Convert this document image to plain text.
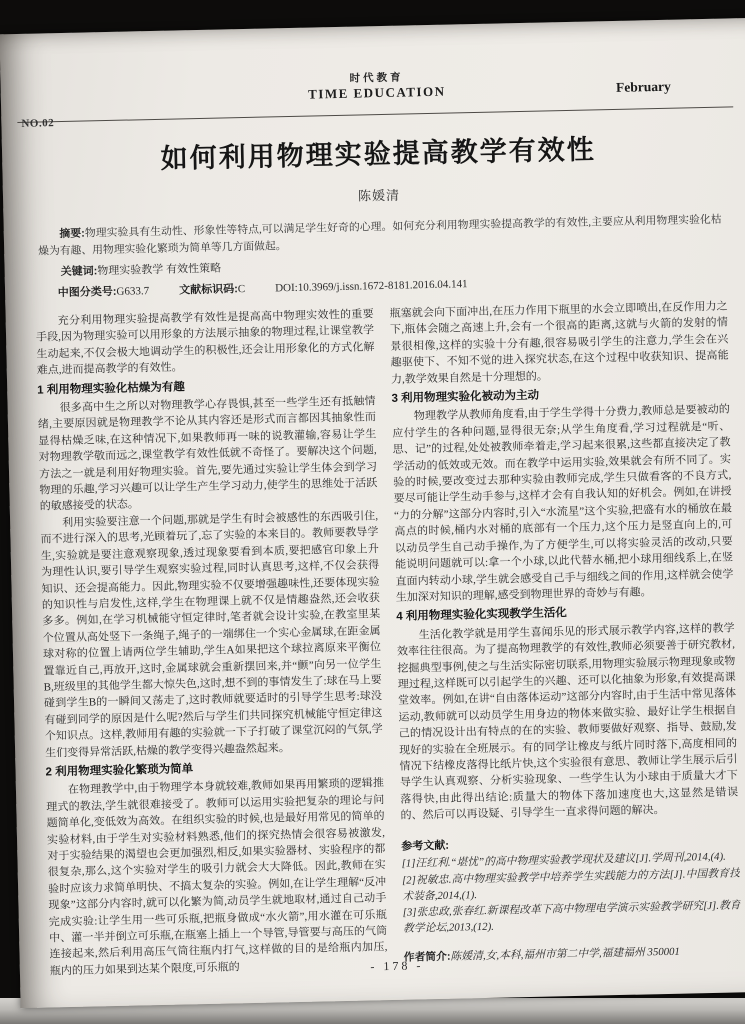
时代教育
TIME EDUCATION	February
NO.02
如何利用物理实验提高教学有效性
陈媛清

摘要:物理实验具有生动性、形象性等特点,可以满足学生好奇的心理。如何充分利用物理实验提高教学的有效性,主要应从利用物理实验化枯燥为有趣、用物理实验化繁琐为简单等几方面做起。

关键词:物理实验教学 有效性策略
中图分类号:G633.7	文献标识码:C	DOI:10.3969/j.issn.1672-8181.2016.04.141

充分利用物理实验提高教学有效性是提高高中物理实效性的重要手段,因为物理实验可以用形象的方法展示抽象的物理过程,让课堂教学生动起来,不仅会极大地调动学生的积极性,还会让用形象化的方式化解难点,进而提高教学的有效性。

1 利用物理实验化枯燥为有趣

很多高中生之所以对物理教学心存畏惧,甚至一些学生还有抵触情绪,主要原因就是物理教学不论从其内容还是形式而言都因其抽象性而显得枯燥乏味,在这种情况下,如果教师再一味的说教灌输,容易让学生对物理教学敬而远之,课堂教学有效性低就不奇怪了。要解决这个问题,方法之一就是利用好物理实验。首先,要先通过实验让学生体会到学习物理的乐趣,学习兴趣可以让学生产生学习动力,使学生的思维处于活跃的敏感接受的状态。

利用实验要注意一个问题,那就是学生有时会被感性的东西吸引住,而不进行深入的思考,光顾着玩了,忘了实验的本来目的。教师要教导学生,实验就是要注意观察现象,透过现象要看到本质,要把感官印象上升为理性认识,要引导学生观察实验过程,同时认真思考,这样,不仅会获得知识、还会提高能力。因此,物理实验不仅要增强趣味性,还要体现实验的知识性与启发性,这样,学生在物理课上就不仅是情趣盎然,还会收获多多。例如,在学习机械能守恒定律时,笔者就会设计实验,在教室里某个位置从高处竖下一条绳子,绳子的一端绑住一个实心金属球,在距金属球对称的位置上请两位学生辅助,学生A如果把这个球拉离原来平衡位置靠近自己,再放开,这时,金属球就会重新摆回来,并“颤”向另一位学生B,班级里的其他学生都大惊失色,这时,想不到的事情发生了:球在马上要碰到学生B的一瞬间又荡走了,这时教师就要适时的引导学生思考:球没有碰到同学的原因是什么呢?然后与学生们共同探究机械能守恒定律这个知识点。这样,教师用有趣的实验就一下子打破了课堂沉闷的气氛,学生们变得异常活跃,枯燥的教学变得兴趣盎然起来。

2 利用物理实验化繁琐为简单

在物理教学中,由于物理学本身就较难,教师如果再用繁琐的逻辑推理式的教法,学生就很难接受了。教师可以运用实验把复杂的理论与问题简单化,变低效为高效。在组织实验的时候,也是最好用常见的简单的实验材料,由于学生对实验材料熟悉,他们的探究热情会很容易被激发,对于实验结果的渴望也会更加强烈,相反,如果实验器材、实验程序的都很复杂,那么,这个实验对学生的吸引力就会大大降低。因此,教师在实验时应该力求简单明快、不搞太复杂的实验。例如,在让学生理解“反冲现象”这部分内容时,就可以化繁为简,动员学生就地取材,通过自己动手完成实验:让学生用一些可乐瓶,把瓶身做成“水火箭”,用水灌在可乐瓶中、灌一半并倒立可乐瓶,在瓶塞上插上一个导管,导管要与高压的气筒连接起来,然后利用高压气筒往瓶内打气,这样做的目的是给瓶内加压,瓶内的压力如果到达某个限度,可乐瓶的

瓶塞就会向下面冲出,在压力作用下瓶里的水会立即喷出,在反作用力之下,瓶体会随之高速上升,会有一个很高的距离,这就与火箭的发射的情景很相像,这样的实验十分有趣,很容易吸引学生的注意力,学生会在兴趣驱使下、不知不觉的进入探究状态,在这个过程中收获知识、提高能力,教学效果自然是十分理想的。

3 利用物理实验化被动为主动

物理教学从教师角度看,由于学生学得十分费力,教师总是要被动的应付学生的各种问题,显得很无奈;从学生角度看,学习过程就是“听、思、记”的过程,处处被教师牵着走,学习起来很累,这些都直接决定了教学活动的低效或无效。而在教学中运用实验,效果就会有所不同了。实验的时候,要改变过去那种实验由教师完成,学生只做看客的不良方式,要尽可能让学生动手参与,这样才会有自我认知的好机会。例如,在讲授“力的分解”这部分内容时,引入“水流星”这个实验,把盛有水的桶放在最高点的时候,桶内水对桶的底部有一个压力,这个压力是竖直向上的,可以动员学生自己动手操作,为了方便学生,可以将实验灵活的改动,只要能说明问题就可以:拿一个小球,以此代替水桶,把小球用细线系上,在竖直面内转动小球,学生就会感受自己手与细线之间的作用,这样就会使学生加深对知识的理解,感受到物理世界的奇妙与有趣。

4 利用物理实验化实现教学生活化

生活化教学就是用学生喜闻乐见的形式展示教学内容,这样的教学效率往往很高。为了提高物理教学的有效性,教师必须要善于研究教材,挖掘典型事例,使之与生活实际密切联系,用物理实验展示物理现象或物理过程,这样既可以引起学生的兴趣、还可以化抽象为形象,有效提高课堂效率。例如,在讲“自由落体运动”这部分内容时,由于生活中常见落体运动,教师就可以动员学生用身边的物体来做实验、最好让学生根据自己的情况设计出有特点的在的实验、教师要做好观察、指导、鼓励,发现好的实验在全班展示。有的同学让橡皮与纸片同时落下,高度相同的情况下结橡皮落得比纸片快,这个实验很有意思、教师让学生展示后引导学生认真观察、分析实验现象、一些学生认为小球由于质量大才下落得快,由此得出结论:质量大的物体下落加速度也大,这显然是错误的、然后可以再设疑、引导学生一直求得问题的解决。

参考文献:

[1]汪红利.“堪忧”的高中物理实验教学现状及建议[J].学周刊,2014,(4).

[2]祝敏忠.高中物理实验教学中培养学生实践能力的方法[J].中国教育技术装备,2014,(1).

[3]张忠政,张春红.新课程改革下高中物理电学演示实验教学研究[J].教育教学论坛,2013,(12).

作者简介:陈媛清,女,本科,福州市第二中学,福建福州 350001

- 178 -
